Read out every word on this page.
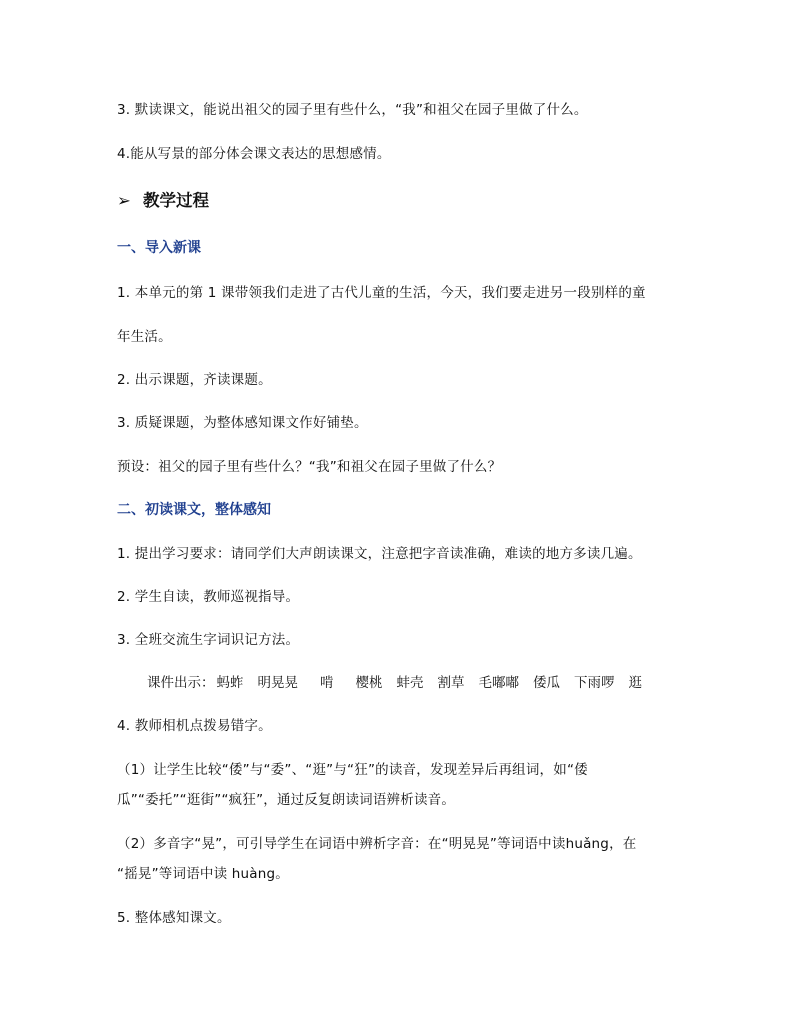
3. 默读课文，能说出祖父的园子里有些什么，“我”和祖父在园子里做了什么。
4.能从写景的部分体会课文表达的思想感情。
➢ 教学过程
一、导入新课
1. 本单元的第 1 课带领我们走进了古代儿童的生活，今天，我们要走进另一段别样的童
年生活。
2. 出示课题，齐读课题。
3. 质疑课题，为整体感知课文作好铺垫。
预设：祖父的园子里有些什么？“我”和祖父在园子里做了什么？
二、初读课文，整体感知
1. 提出学习要求：请同学们大声朗读课文，注意把字音读准确，难读的地方多读几遍。
2. 学生自读，教师巡视指导。
3. 全班交流生字词识记方法。
课件出示： 蚂蚱 明晃晃 啃 樱桃 蚌壳 割草 毛嘟嘟 倭瓜 下雨啰 逛
4. 教师相机点拨易错字。
（1）让学生比较“倭”与“委”、“逛”与“狂”的读音，发现差异后再组词，如“倭
瓜”“委托”“逛街”“疯狂”，通过反复朗读词语辨析读音。
（2）多音字“晃”，可引导学生在词语中辨析字音：在“明晃晃”等词语中读huǎng，在
“摇晃”等词语中读 huàng。
5. 整体感知课文。
